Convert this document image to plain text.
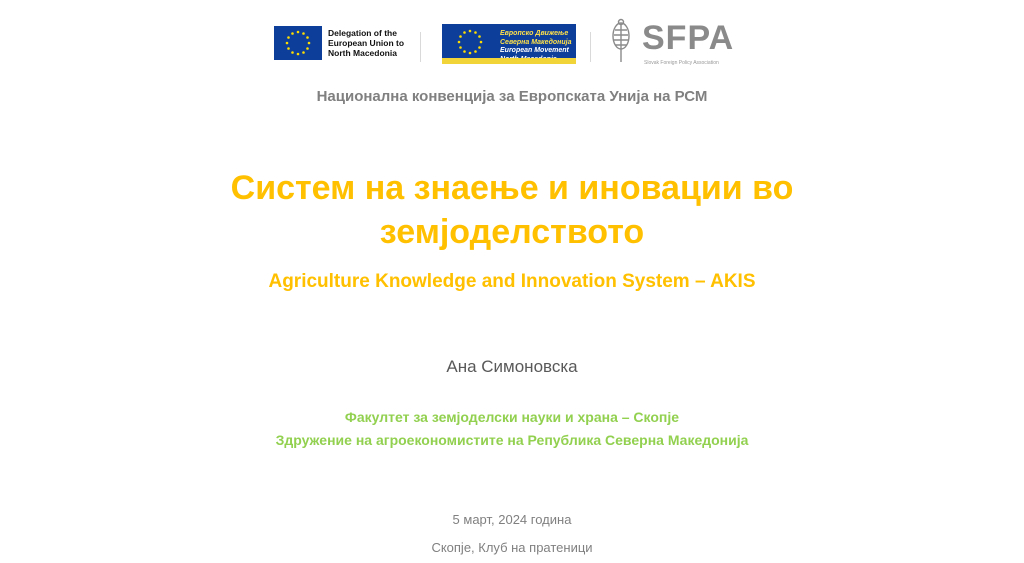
Delegation of the European Union to North Macedonia
Европско Движење Северна Македонија
European Movement SFPA
Slovak Foreign Policy Association
Национална конвенција за Европската Унија на РСМ
Систем на знаење и иновации во земјоделството
Agriculture Knowledge and Innovation System – AKIS
Ана Симоновска
Факултет за земјоделски науки и храна – Скопје
Здружение на агроекономистите на Република Северна Македонија
5 март, 2024 година
Скопје, Клуб на пратеници
